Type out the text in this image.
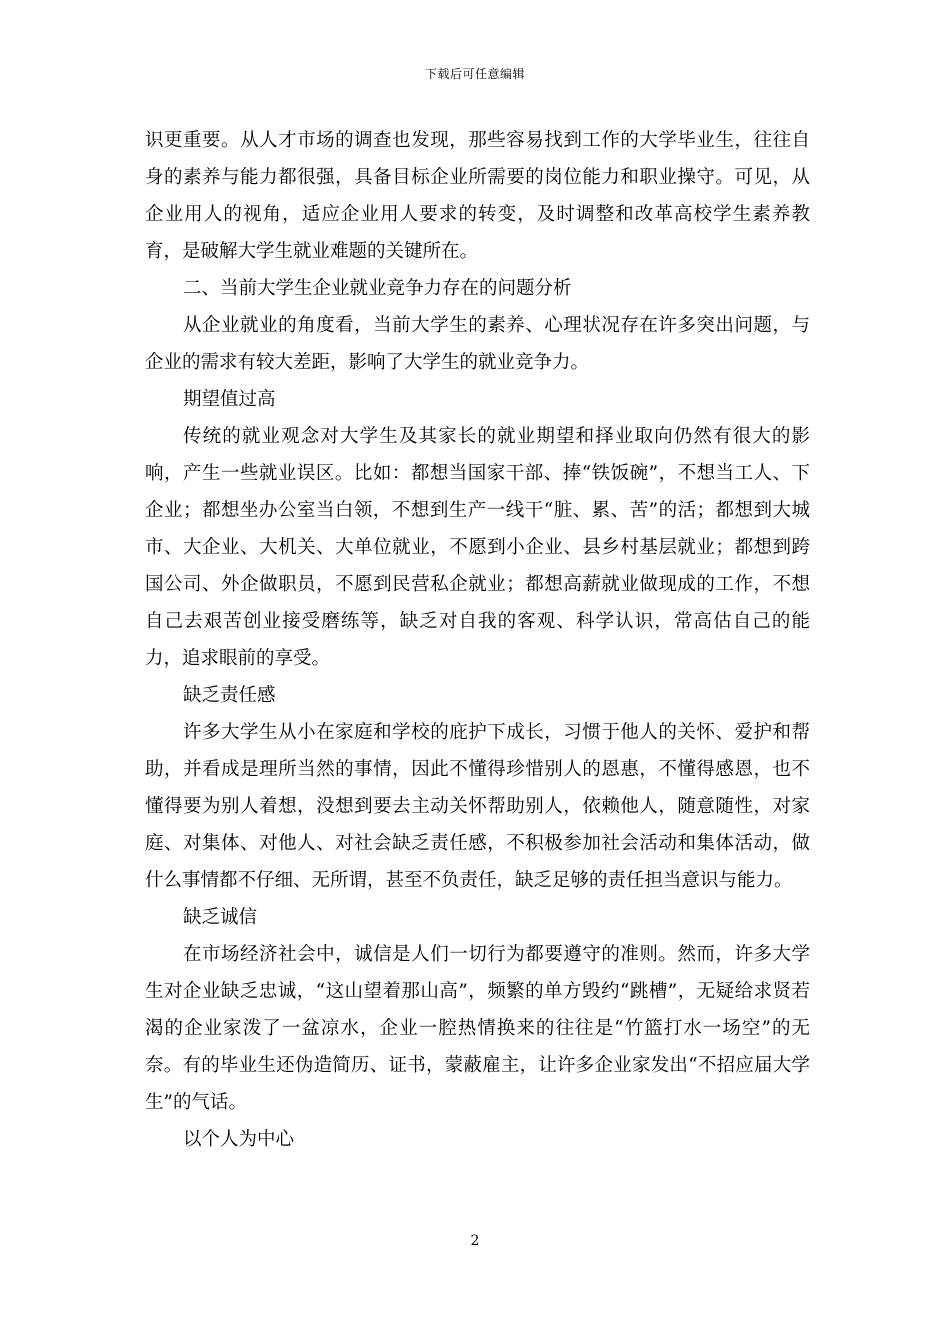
下载后可任意编辑

识更重要。从人才市场的调查也发现，那些容易找到工作的大学毕业生，往往自身的素养与能力都很强，具备目标企业所需要的岗位能力和职业操守。可见，从企业用人的视角，适应企业用人要求的转变，及时调整和改革高校学生素养教育，是破解大学生就业难题的关键所在。

二、当前大学生企业就业竞争力存在的问题分析

从企业就业的角度看，当前大学生的素养、心理状况存在许多突出问题，与企业的需求有较大差距，影响了大学生的就业竞争力。

期望值过高

传统的就业观念对大学生及其家长的就业期望和择业取向仍然有很大的影响，产生一些就业误区。比如：都想当国家干部、捧“铁饭碗”，不想当工人、下企业；都想坐办公室当白领，不想到生产一线干“脏、累、苦”的活；都想到大城市、大企业、大机关、大单位就业，不愿到小企业、县乡村基层就业；都想到跨国公司、外企做职员，不愿到民营私企就业；都想高薪就业做现成的工作，不想自己去艰苦创业接受磨练等，缺乏对自我的客观、科学认识，常高估自己的能力，追求眼前的享受。

缺乏责任感

许多大学生从小在家庭和学校的庇护下成长，习惯于他人的关怀、爱护和帮助，并看成是理所当然的事情，因此不懂得珍惜别人的恩惠，不懂得感恩，也不懂得要为别人着想，没想到要去主动关怀帮助别人，依赖他人，随意随性，对家庭、对集体、对他人、对社会缺乏责任感，不积极参加社会活动和集体活动，做什么事情都不仔细、无所谓，甚至不负责任，缺乏足够的责任担当意识与能力。

缺乏诚信

在市场经济社会中，诚信是人们一切行为都要遵守的准则。然而，许多大学生对企业缺乏忠诚，“这山望着那山高”，频繁的单方毁约“跳槽”，无疑给求贤若渴的企业家泼了一盆凉水，企业一腔热情换来的往往是“竹篮打水一场空”的无奈。有的毕业生还伪造简历、证书，蒙蔽雇主，让许多企业家发出“不招应届大学生”的气话。

以个人为中心

2
